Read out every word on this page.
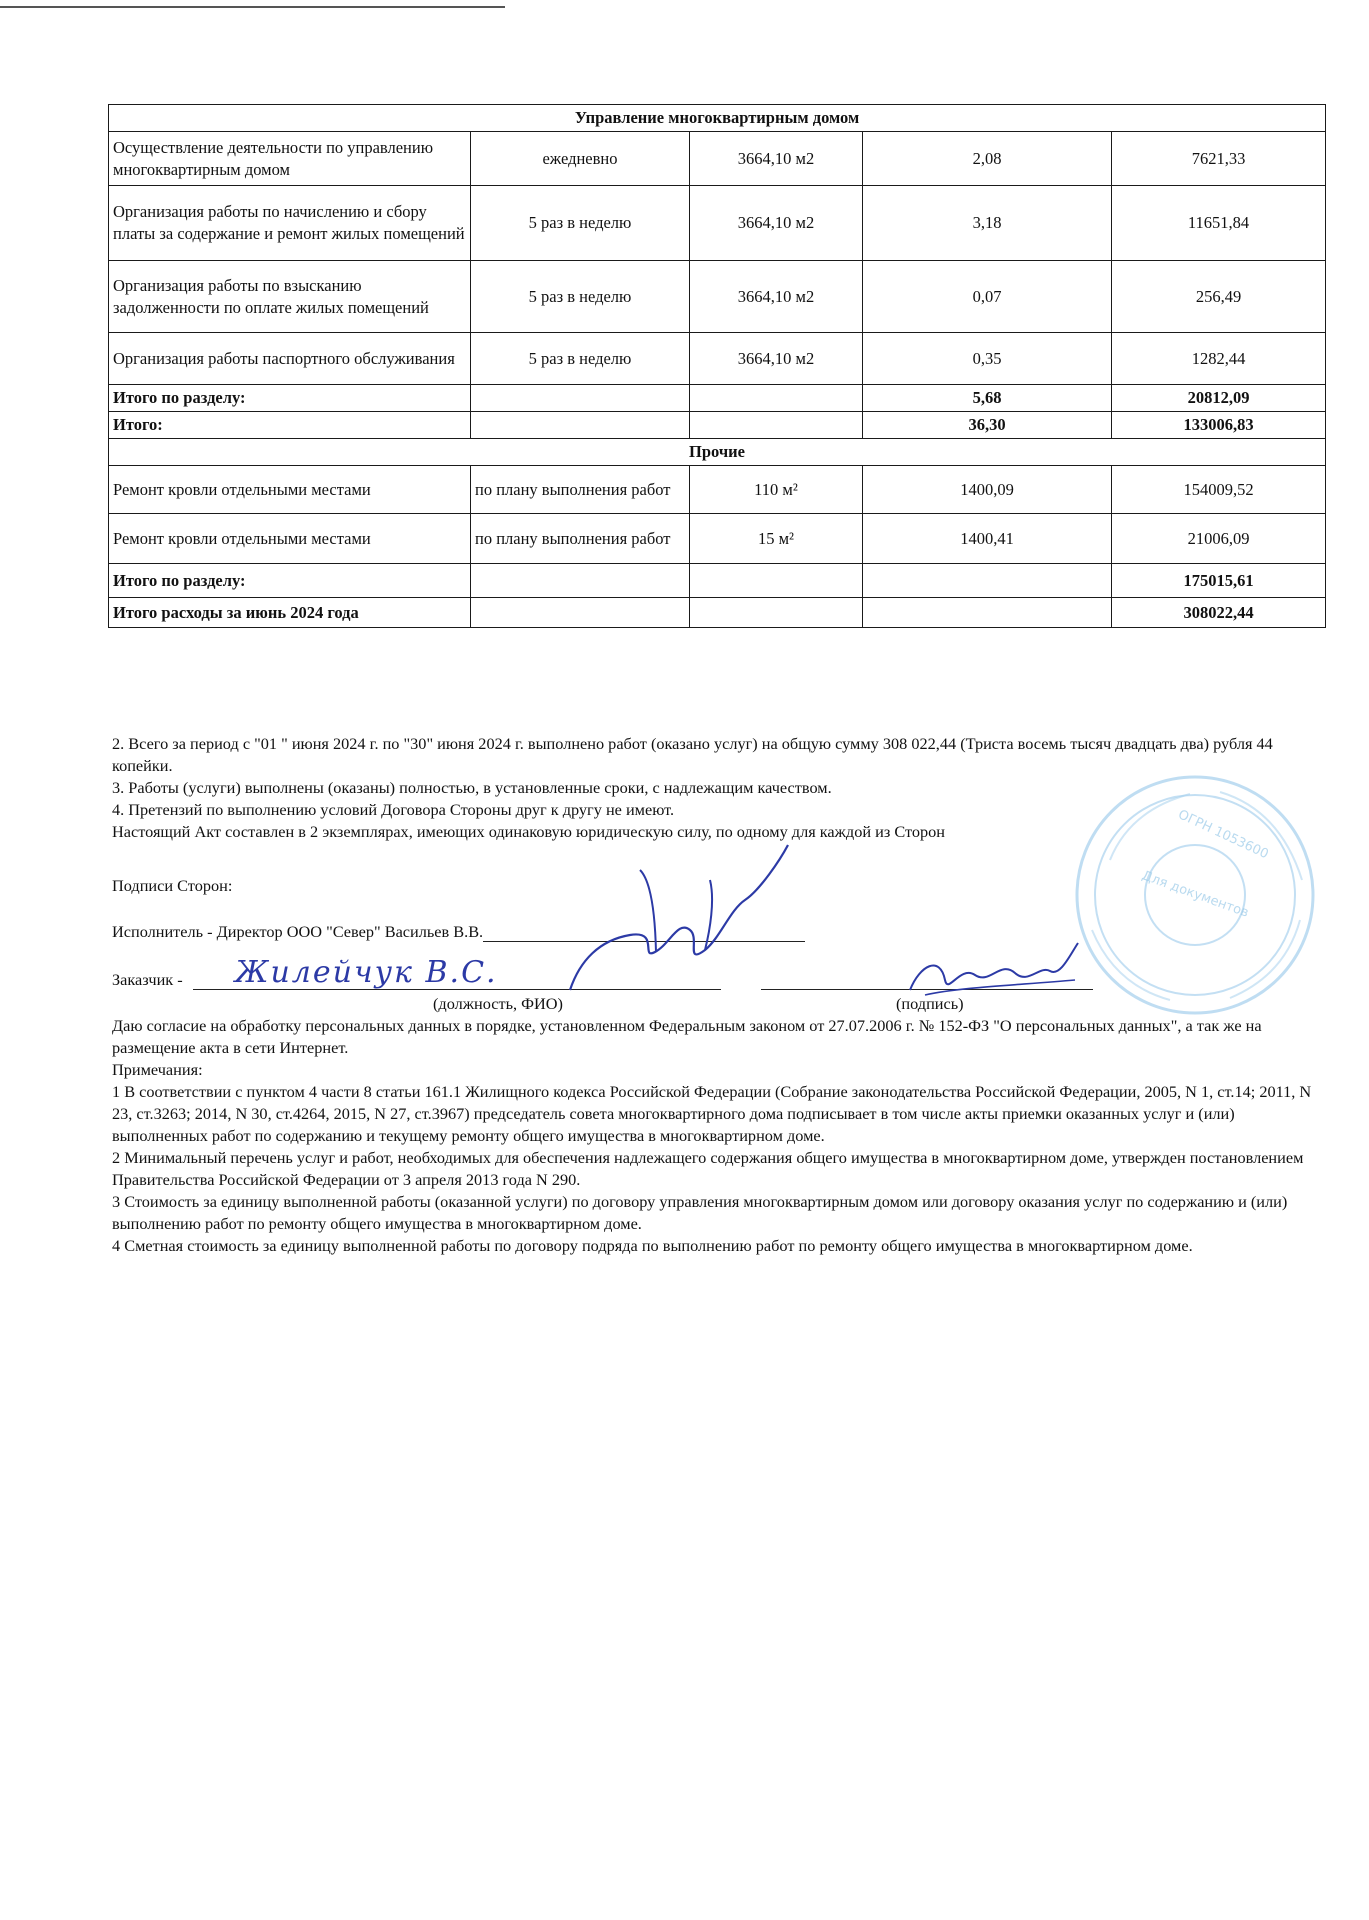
Управление многоквартирным домом				
Осуществление деятельности по управлению многоквартирным домом	ежедневно	3664,10 м2	2,08	7621,33
Организация работы по начислению и сбору платы за содержание и ремонт жилых помещений	5 раз в неделю	3664,10 м2	3,18	11651,84
Организация работы по взысканию задолженности по оплате жилых помещений	5 раз в неделю	3664,10 м2	0,07	256,49
Организация работы паспортного обслуживания	5 раз в неделю	3664,10 м2	0,35	1282,44
Итого по разделу:			5,68	20812,09
Итого:			36,30	133006,83
Прочие				
Ремонт кровли отдельными местами	по плану выполнения работ	110 м²	1400,09	154009,52
Ремонт кровли отдельными местами	по плану выполнения работ	15 м²	1400,41	21006,09
Итого по разделу:				175015,61
Итого расходы за июнь 2024 года				308022,44
Для документов
ОГРН 1053600

2. Всего за период с "01 " июня 2024 г. по "30" июня 2024 г. выполнено работ (оказано услуг) на общую сумму 308 022,44 (Триста восемь тысяч двадцать два) рубля 44 копейки.

3. Работы (услуги) выполнены (оказаны) полностью, в установленные сроки, с надлежащим качеством.

4. Претензий по выполнению условий Договора Стороны друг к другу не имеют.

Настоящий Акт составлен в 2 экземплярах, имеющих одинаковую юридическую силу, по одному для каждой из Сторон

Подписи Сторон:
Исполнитель - Директор ООО "Север" Васильев В.В.
Заказчик - Жилейчук В.С.

(должность, ФИО)	(подпись)

Даю согласие на обработку персональных данных в порядке, установленном Федеральным законом от 27.07.2006 г. № 152-ФЗ "О персональных данных", а так же на размещение акта в сети Интернет.

Примечания:

1 В соответствии с пунктом 4 части 8 статьи 161.1 Жилищного кодекса Российской Федерации (Собрание законодательства Российской Федерации, 2005, N 1, ст.14; 2011, N 23, ст.3263; 2014, N 30, ст.4264, 2015, N 27, ст.3967) председатель совета многоквартирного дома подписывает в том числе акты приемки оказанных услуг и (или) выполненных работ по содержанию и текущему ремонту общего имущества в многоквартирном доме.

2 Минимальный перечень услуг и работ, необходимых для обеспечения надлежащего содержания общего имущества в многоквартирном доме, утвержден постановлением Правительства Российской Федерации от 3 апреля 2013 года N 290.

3 Стоимость за единицу выполненной работы (оказанной услуги) по договору управления многоквартирным домом или договору оказания услуг по содержанию и (или) выполнению работ по ремонту общего имущества в многоквартирном доме.

4 Сметная стоимость за единицу выполненной работы по договору подряда по выполнению работ по ремонту общего имущества в многоквартирном доме.
